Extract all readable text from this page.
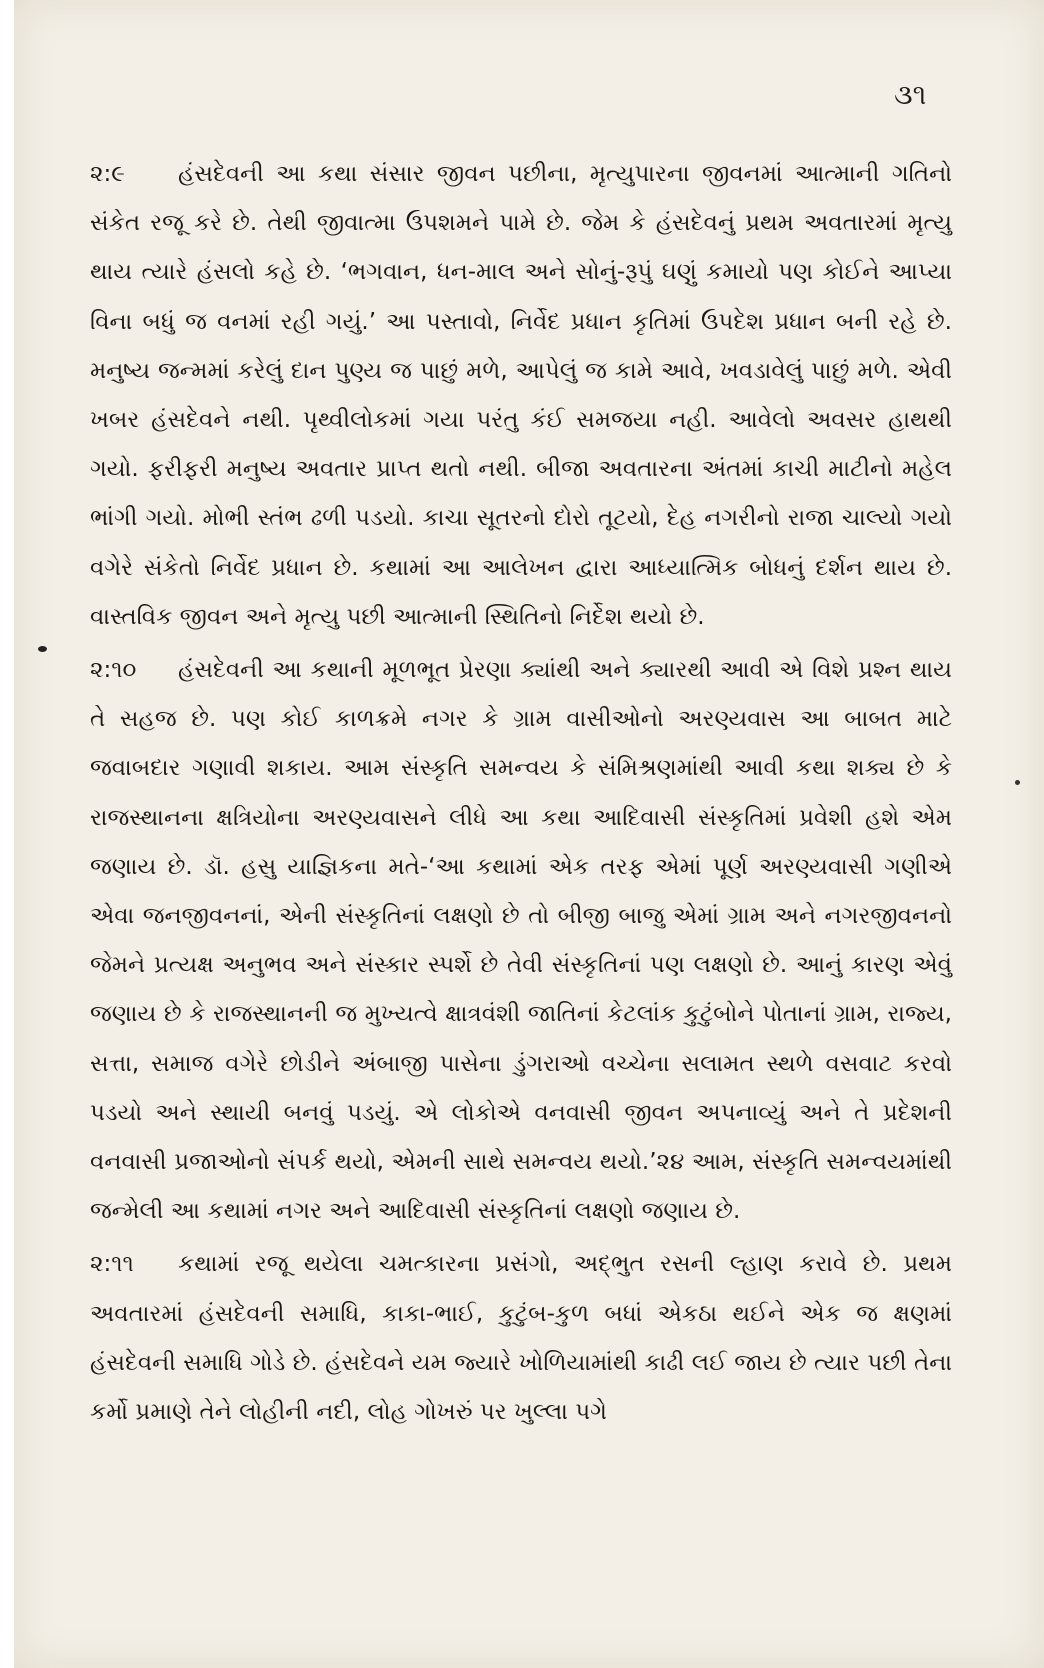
૩૧

૨:૯ હંસદેવની આ કથા સંસાર જીવન પછીના, મૃત્યુપારના જીવનમાં આત્માની ગતિનો સંકેત રજૂ કરે છે. તેથી જીવાત્મા ઉપશમને પામે છે. જેમ કે હંસદેવનું પ્રથમ અવતારમાં મૃત્યુ થાય ત્યારે હંસલો કહે છે. ‘ભગવાન, ધન-માલ અને સોનું-રૂપું ઘણું કમાયો પણ કોઈને આપ્યા વિના બધું જ વનમાં રહી ગયું.’ આ પસ્તાવો, નિર્વેદ પ્રધાન કૃતિમાં ઉપદેશ પ્રધાન બની રહે છે. મનુષ્ય જન્મમાં કરેલું દાન પુણ્ય જ પાછું મળે, આપેલું જ કામે આવે, ખવડાવેલું પાછું મળે. એવી ખબર હંસદેવને નથી. પૃથ્વીલોકમાં ગયા પરંતુ કંઈ સમજયા નહી. આવેલો અવસર હાથથી ગયો. ફરીફરી મનુષ્ય અવતાર પ્રાપ્ત થતો નથી. બીજા અવતારના અંતમાં કાચી માટીનો મહેલ ભાંગી ગયો. મોભી સ્તંભ ઢળી પડયો. કાચા સૂતરનો દોરો તૂટયો, દેહ નગરીનો રાજા ચાલ્યો ગયો વગેરે સંકેતો નિર્વેદ પ્રધાન છે. કથામાં આ આલેખન દ્વારા આધ્યાત્મિક બોધનું દર્શન થાય છે. વાસ્તવિક જીવન અને મૃત્યુ પછી આત્માની સ્થિતિનો નિર્દેશ થયો છે.

૨:૧૦ હંસદેવની આ કથાની મૂળભૂત પ્રેરણા ક્યાંથી અને ક્યારથી આવી એ વિશે પ્રશ્ન થાય તે સહજ છે. પણ કોઈ કાળક્રમે નગર કે ગ્રામ વાસીઓનો અરણ્યવાસ આ બાબત માટે જવાબદાર ગણાવી શકાય. આમ સંસ્કૃતિ સમન્વય કે સંમિશ્રણમાંથી આવી કથા શક્ય છે કે રાજસ્થાનના ક્ષત્રિયોના અરણ્યવાસને લીધે આ કથા આદિવાસી સંસ્કૃતિમાં પ્રવેશી હશે એમ જણાય છે. ડૉ. હસુ યાજ્ઞિકના મતે-‘આ કથામાં એક તરફ એમાં પૂર્ણ અરણ્યવાસી ગણીએ એવા જનજીવનનાં, એની સંસ્કૃતિનાં લક્ષણો છે તો બીજી બાજુ એમાં ગ્રામ અને નગરજીવનનો જેમને પ્રત્યક્ષ અનુભવ અને સંસ્કાર સ્પર્શે છે તેવી સંસ્કૃતિનાં પણ લક્ષણો છે. આનું કારણ એવું જણાય છે કે રાજસ્થાનની જ મુખ્યત્વે ક્ષાત્રવંશી જાતિનાં કેટલાંક કુટુંબોને પોતાનાં ગ્રામ, રાજ્ય, સત્તા, સમાજ વગેરે છોડીને અંબાજી પાસેના ડુંગરાઓ વચ્ચેના સલામત સ્થળે વસવાટ કરવો પડયો અને સ્થાયી બનવું પડયું. એ લોકોએ વનવાસી જીવન અપનાવ્યું અને તે પ્રદેશની વનવાસી પ્રજાઓનો સંપર્ક થયો, એમની સાથે સમન્વય થયો.’૨૪ આમ, સંસ્કૃતિ સમન્વયમાંથી જન્મેલી આ કથામાં નગર અને આદિવાસી સંસ્કૃતિનાં લક્ષણો જણાય છે.

૨:૧૧ કથામાં રજૂ થયેલા ચમત્કારના પ્રસંગો, અદ્‌ભુત રસની લ્હાણ કરાવે છે. પ્રથમ અવતારમાં હંસદેવની સમાધિ, કાકા-ભાઈ, કુટુંબ-કુળ બધાં એકઠા થઈને એક જ ક્ષણમાં હંસદેવની સમાધિ ગોડે છે. હંસદેવને યમ જ્યારે ખોળિયામાંથી કાઢી લઈ જાય છે ત્યાર પછી તેના કર્મો પ્રમાણે તેને લોહીની નદી, લોહ ગોખરું પર ખુલ્લા પગે
